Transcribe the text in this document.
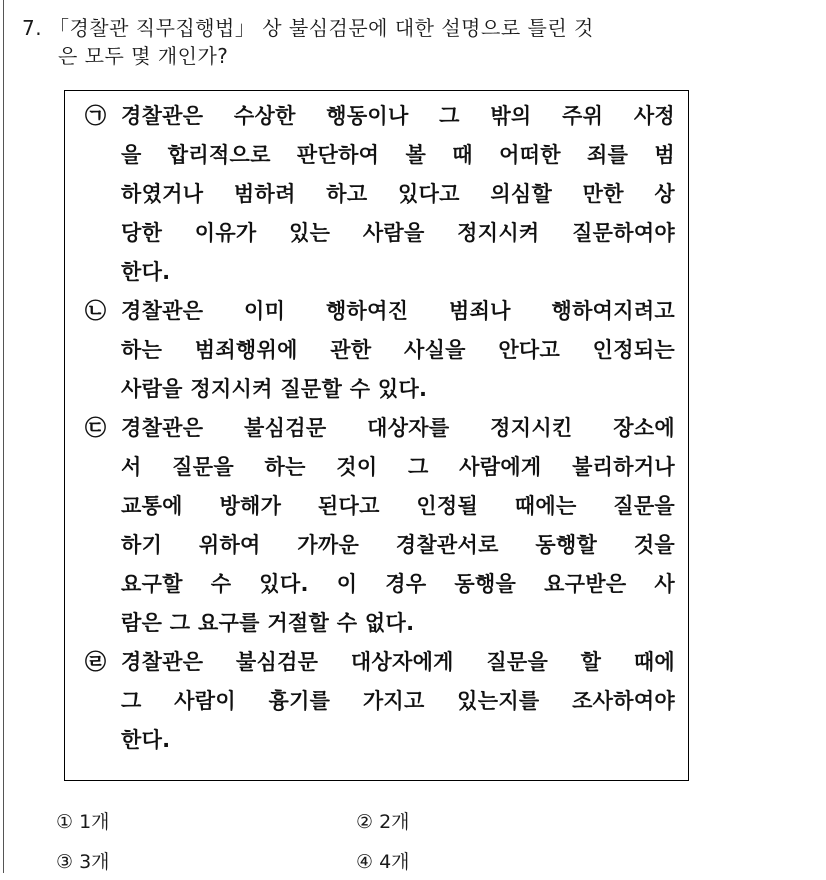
7. 「경찰관 직무집행법」 상 불심검문에 대한 설명으로 틀린 것
은 모두 몇 개인가?
㉠ 경찰관은 수상한 행동이나 그 밖의 주위 사정
을 합리적으로 판단하여 볼 때 어떠한 죄를 범
하였거나 범하려 하고 있다고 의심할 만한 상
당한 이유가 있는 사람을 정지시켜 질문하여야
한다.
㉡ 경찰관은 이미 행하여진 범죄나 행하여지려고
하는 범죄행위에 관한 사실을 안다고 인정되는
사람을 정지시켜 질문할 수 있다.
㉢ 경찰관은 불심검문 대상자를 정지시킨 장소에
서 질문을 하는 것이 그 사람에게 불리하거나
교통에 방해가 된다고 인정될 때에는 질문을
하기 위하여 가까운 경찰관서로 동행할 것을
요구할 수 있다. 이 경우 동행을 요구받은 사
람은 그 요구를 거절할 수 없다.
㉣ 경찰관은 불심검문 대상자에게 질문을 할 때에
그 사람이 흉기를 가지고 있는지를 조사하여야
한다.
① 1개	② 2개
③ 3개	④ 4개
